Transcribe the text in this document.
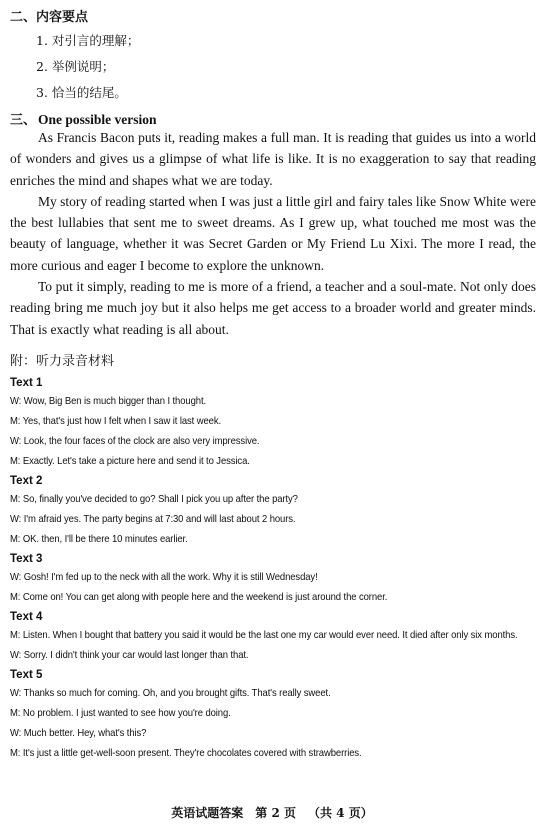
二、内容要点
1. 对引言的理解；
2. 举例说明；
3. 恰当的结尾。
三、 One possible version

As Francis Bacon puts it, reading makes a full man. It is reading that guides us into a world of wonders and gives us a glimpse of what life is like. It is no exaggeration to say that reading enriches the mind and shapes what we are today.

My story of reading started when I was just a little girl and fairy tales like Snow White were the best lullabies that sent me to sweet dreams. As I grew up, what touched me most was the beauty of language, whether it was Secret Garden or My Friend Lu Xixi. The more I read, the more curious and eager I become to explore the unknown.

To put it simply, reading to me is more of a friend, a teacher and a soul-mate. Not only does reading bring me much joy but it also helps me get access to a broader world and greater minds. That is exactly what reading is all about.

附：听力录音材料
Text 1
W: Wow, Big Ben is much bigger than I thought.
M: Yes, that's just how I felt when I saw it last week.
W: Look, the four faces of the clock are also very impressive.
M: Exactly. Let's take a picture here and send it to Jessica.
Text 2
M: So, finally you've decided to go? Shall I pick you up after the party?
W: I'm afraid yes. The party begins at 7:30 and will last about 2 hours.
M: OK. then, I'll be there 10 minutes earlier.
Text 3
W: Gosh! I'm fed up to the neck with all the work. Why it is still Wednesday!
M: Come on! You can get along with people here and the weekend is just around the corner.
Text 4
M: Listen. When I bought that battery you said it would be the last one my car would ever need. It died after only six months.
W: Sorry. I didn't think your car would last longer than that.
Text 5
W: Thanks so much for coming. Oh, and you brought gifts. That's really sweet.
M: No problem. I just wanted to see how you're doing.
W: Much better. Hey, what's this?
M: It's just a little get-well-soon present. They're chocolates covered with strawberries.
英语试题答案 第 2 页 （共 4 页）
